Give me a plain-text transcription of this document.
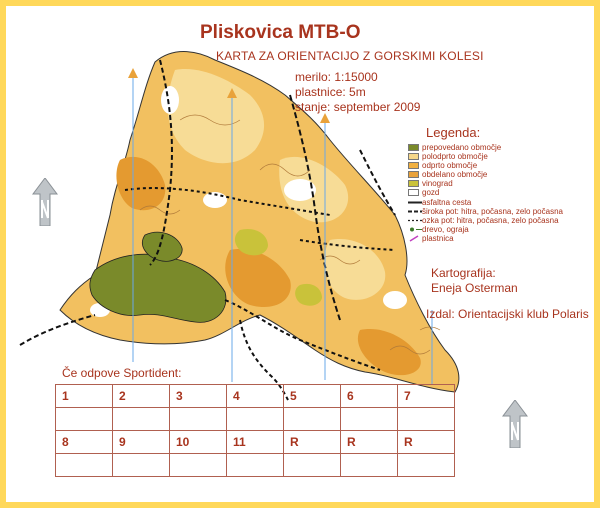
Pliskovica MTB-O
KARTA ZA ORIENTACIJO Z GORSKIMI KOLESI
merilo: 1:15000
plastnice: 5m
stanje: september 2009
Legenda:
prepovedano območje
polodprto območje
odprto območje
obdelano območje
vinograd
gozd
asfaltna cesta
široka pot: hitra, počasna, zelo počasna
ozka pot: hitra, počasna, zelo počasna
drevo, ograja
plastnica
Kartografija:
Eneja Osterman
Izdal: Orientacijski klub Polaris
Če odpove Sportident:
1	2	3	4	5	6	7

8	9	10	11	R	R	R
